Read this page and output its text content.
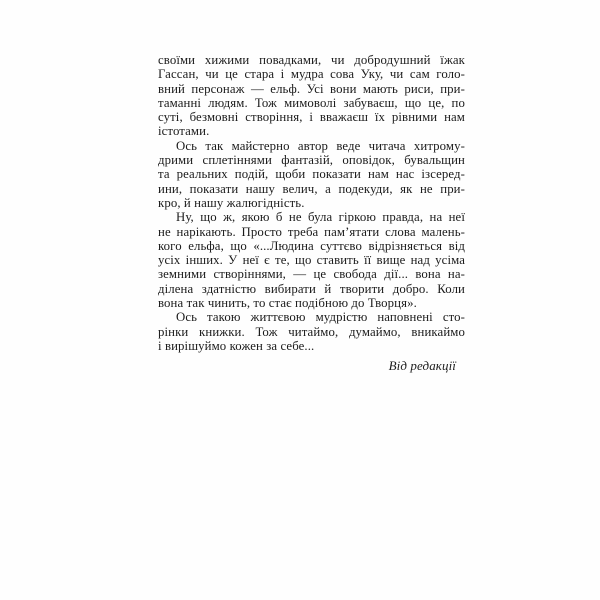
своїми хижими повадками, чи добродушний їжак
Гассан, чи це стара і мудра сова Уку, чи сам голо-
вний персонаж — ельф. Усі вони мають риси, при-
таманні людям. Тож мимоволі забуваєш, що це, по
суті, безмовні створіння, і вважаєш їх рівними нам
істотами.
Ось так майстерно автор веде читача хитрому-
дрими сплетіннями фантазій, оповідок, бувальщин
та реальних подій, щоби показати нам нас ізсеред-
ини, показати нашу велич, а подекуди, як не при-
кро, й нашу жалюгідність.
Ну, що ж, якою б не була гіркою правда, на неї
не нарікають. Просто треба пам’ятати слова малень-
кого ельфа, що «...Людина суттєво відрізняється від
усіх інших. У неї є те, що ставить її вище над усіма
земними створіннями, — це свобода дії... вона на-
ділена здатністю вибирати й творити добро. Коли
вона так чинить, то стає подібною до Творця».
Ось такою життєвою мудрістю наповнені сто-
рінки книжки. Тож читаймо, думаймо, вникаймо
і вирішуймо кожен за себе...
Від редакції
